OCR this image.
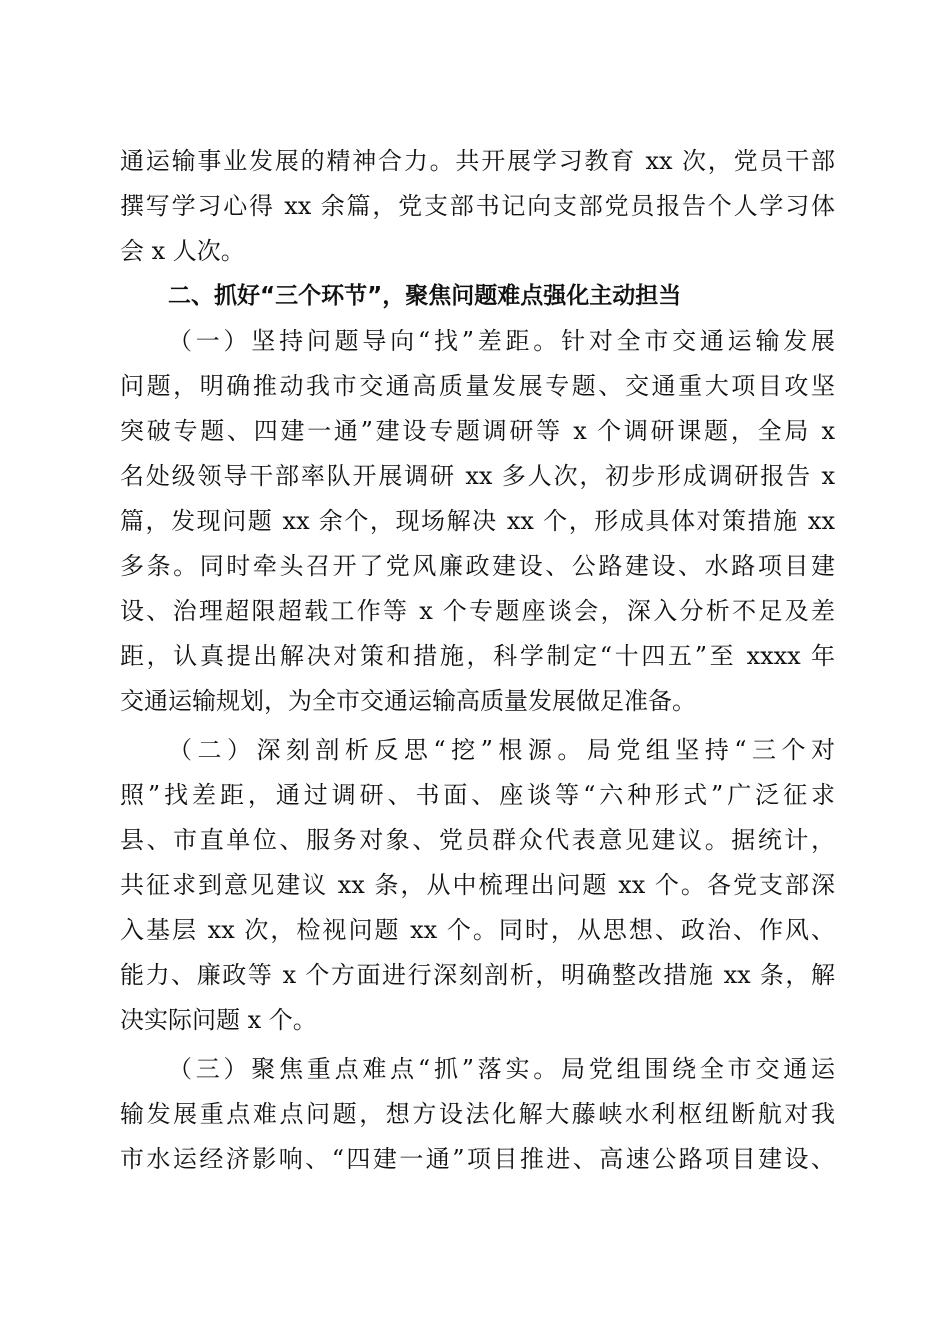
通运输事业发展的精神合力。共开展学习教育 xx 次，党员干部
撰写学习心得 xx 余篇，党支部书记向支部党员报告个人学习体
会 x 人次。
二、抓好“三个环节”，聚焦问题难点强化主动担当
（一）坚持问题导向“找”差距。针对全市交通运输发展
问题，明确推动我市交通高质量发展专题、交通重大项目攻坚
突破专题、四建一通”建设专题调研等 x 个调研课题，全局 x
名处级领导干部率队开展调研 xx 多人次，初步形成调研报告 x
篇，发现问题 xx 余个，现场解决 xx 个，形成具体对策措施 xx
多条。同时牵头召开了党风廉政建设、公路建设、水路项目建
设、治理超限超载工作等 x 个专题座谈会，深入分析不足及差
距，认真提出解决对策和措施，科学制定“十四五”至 xxxx 年
交通运输规划，为全市交通运输高质量发展做足准备。
（二）深刻剖析反思“挖”根源。局党组坚持“三个对
照”找差距，通过调研、书面、座谈等“六种形式”广泛征求
县、市直单位、服务对象、党员群众代表意见建议。据统计，
共征求到意见建议 xx 条，从中梳理出问题 xx 个。各党支部深
入基层 xx 次，检视问题 xx 个。同时，从思想、政治、作风、
能力、廉政等 x 个方面进行深刻剖析，明确整改措施 xx 条，解
决实际问题 x 个。
（三）聚焦重点难点“抓”落实。局党组围绕全市交通运
输发展重点难点问题，想方设法化解大藤峡水利枢纽断航对我
市水运经济影响、“四建一通”项目推进、高速公路项目建设、
